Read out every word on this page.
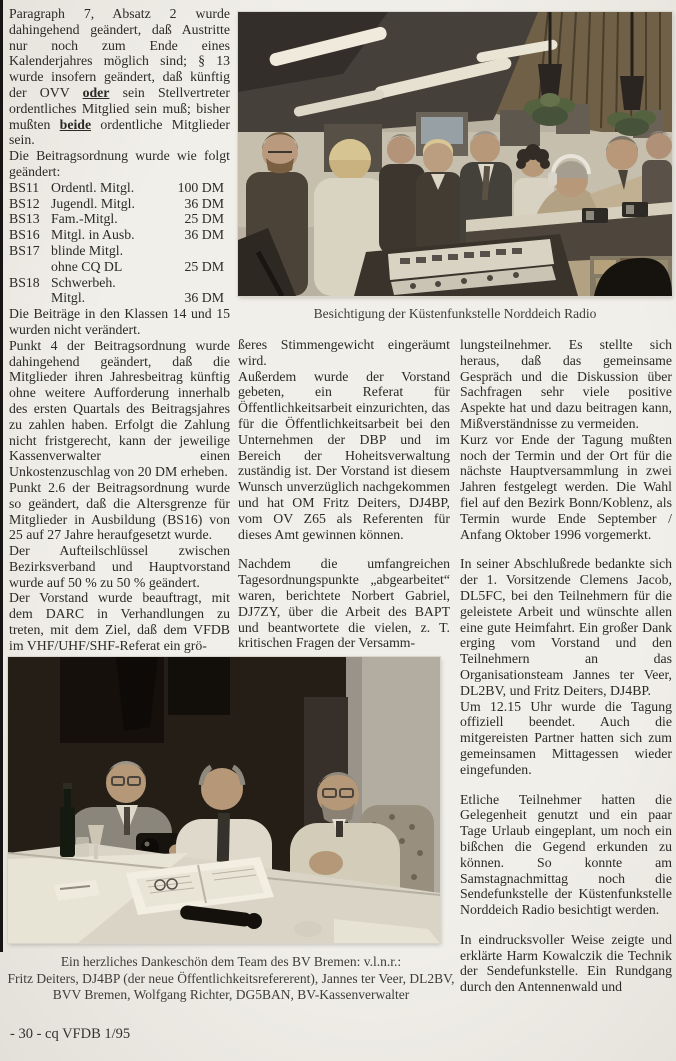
Paragraph 7, Absatz 2 wurde dahingehend geändert, daß Austritte nur noch zum Ende eines Kalenderjahres möglich sind; § 13 wurde insofern geändert, daß künftig der OVV oder sein Stellvertreter ordentliches Mitglied sein muß; bisher mußten beide ordentliche Mitglieder sein.

Die Beitragsordnung wurde wie folgt geändert:

BS11 Ordentl. Mitgl.	100 DM
BS12 Jugendl. Mitgl.	36 DM
BS13 Fam.-Mitgl.	25 DM
BS16 Mitgl. in Ausb.	36 DM
BS17 blinde Mitgl.
ohne CQ DL	25 DM
BS18 Schwerbeh.
Mitgl.	36 DM

Die Beiträge in den Klassen 14 und 15 wurden nicht verändert.

Punkt 4 der Beitragsordnung wurde dahingehend geändert, daß die Mitglieder ihren Jahresbeitrag künftig ohne weitere Aufforderung innerhalb des ersten Quartals des Beitragsjahres zu zahlen haben. Erfolgt die Zahlung nicht fristgerecht, kann der jeweilige Kassenverwalter einen Unkostenzuschlag von 20 DM erheben.

Punkt 2.6 der Beitragsordnung wurde so geändert, daß die Altersgrenze für Mitglieder in Ausbildung (BS16) von 25 auf 27 Jahre heraufgesetzt wurde.

Der Aufteilschlüssel zwischen Bezirksverband und Hauptvorstand wurde auf 50 % zu 50 % geändert.

Der Vorstand wurde beauftragt, mit dem DARC in Verhandlungen zu treten, mit dem Ziel, daß dem VFDB im VHF/UHF/SHF-Referat ein grö-

Besichtigung der Küstenfunkstelle Norddeich Radio

ßeres Stimmengewicht eingeräumt wird.

Außerdem wurde der Vorstand gebeten, ein Referat für Öffentlichkeitsarbeit einzurichten, das für die Öffentlichkeitsarbeit bei den Unternehmen der DBP und im Bereich der Hoheitsverwaltung zuständig ist. Der Vorstand ist diesem Wunsch unverzüglich nachgekommen und hat OM Fritz Deiters, DJ4BP, vom OV Z65 als Referenten für dieses Amt gewinnen können.

Nachdem die umfangreichen Tagesordnungspunkte „abgearbeitet“ waren, berichtete Norbert Gabriel, DJ7ZY, über die Arbeit des BAPT und beantwortete die vielen, z. T. kritischen Fragen der Versamm-

lungsteilnehmer. Es stellte sich heraus, daß das gemeinsame Gespräch und die Diskussion über Sachfragen sehr viele positive Aspekte hat und dazu beitragen kann, Mißverständnisse zu vermeiden.

Kurz vor Ende der Tagung mußten noch der Termin und der Ort für die nächste Hauptversammlung in zwei Jahren festgelegt werden. Die Wahl fiel auf den Bezirk Bonn/Koblenz, als Termin wurde Ende September / Anfang Oktober 1996 vorgemerkt.

In seiner Abschlußrede bedankte sich der 1. Vorsitzende Clemens Jacob, DL5FC, bei den Teilnehmern für die geleistete Arbeit und wünschte allen eine gute Heimfahrt. Ein großer Dank erging vom Vorstand und den Teilnehmern an das Organisationsteam Jannes ter Veer, DL2BV, und Fritz Deiters, DJ4BP.

Um 12.15 Uhr wurde die Tagung offiziell beendet. Auch die mitgereisten Partner hatten sich zum gemeinsamen Mittagessen wieder eingefunden.

Etliche Teilnehmer hatten die Gelegenheit genutzt und ein paar Tage Urlaub eingeplant, um noch ein bißchen die Gegend erkunden zu können. So konnte am Samstagnachmittag noch die Sendefunkstelle der Küstenfunkstelle Norddeich Radio besichtigt werden.

In eindrucksvoller Weise zeigte und erklärte Harm Kowalczik die Technik der Sendefunkstelle. Ein Rundgang durch den Antennenwald und

Ein herzliches Dankeschön dem Team des BV Bremen: v.l.n.r.:
Fritz Deiters, DJ4BP (der neue Öffentlichkeitsrefererent), Jannes ter Veer, DL2BV,
BVV Bremen, Wolfgang Richter, DG5BAN, BV-Kassenverwalter
- 30 - cq VFDB 1/95
